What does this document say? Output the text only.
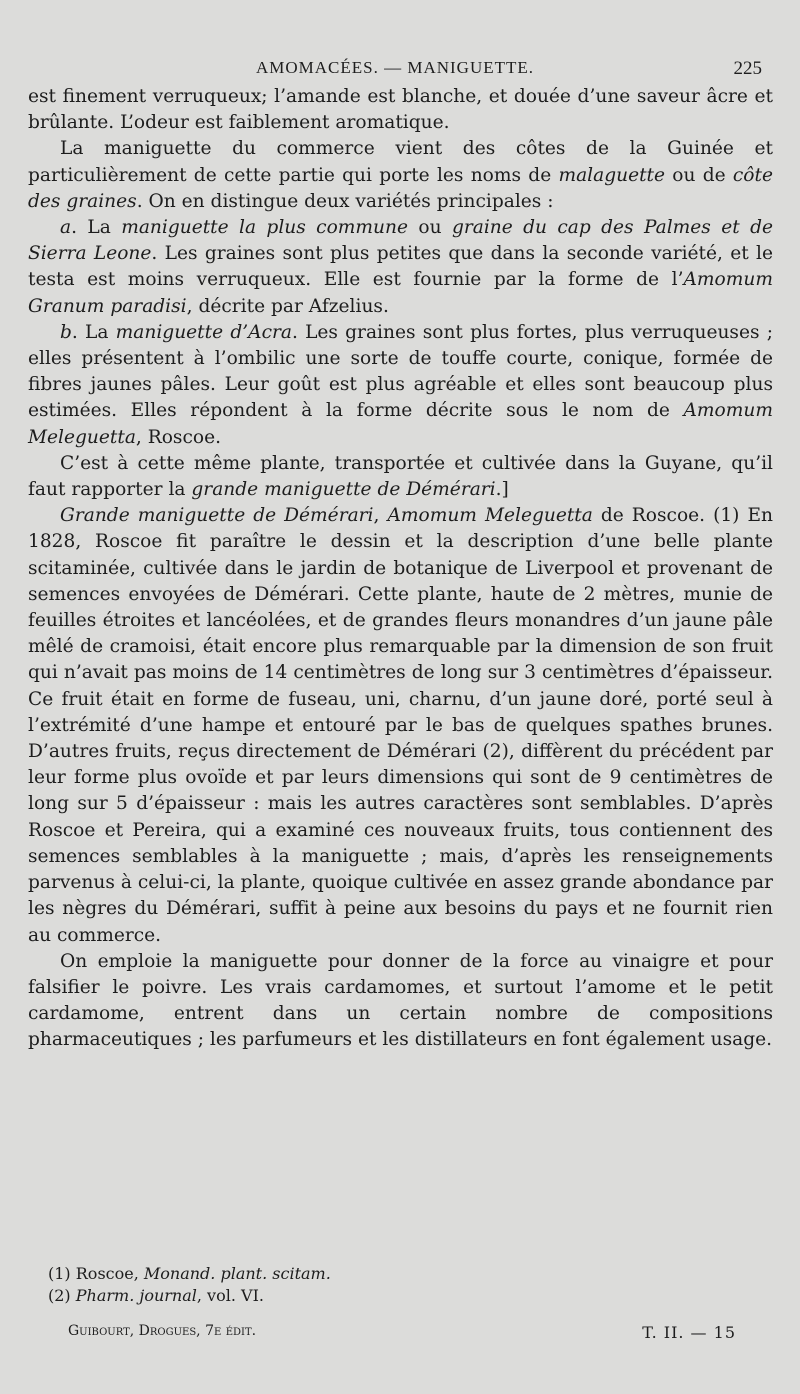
AMOMACÉES. — MANIGUETTE.	225

est finement verruqueux; l’amande est blanche, et douée d’une saveur âcre et brûlante. L’odeur est faiblement aromatique.

La maniguette du commerce vient des côtes de la Guinée et particulièrement de cette partie qui porte les noms de malaguette ou de côte des graines. On en distingue deux variétés principales :

a. La maniguette la plus commune ou graine du cap des Palmes et de Sierra Leone. Les graines sont plus petites que dans la seconde variété, et le testa est moins verruqueux. Elle est fournie par la forme de l’Amomum Granum paradisi, décrite par Afzelius.

b. La maniguette d’Acra. Les graines sont plus fortes, plus verruqueuses ; elles présentent à l’ombilic une sorte de touffe courte, conique, formée de fibres jaunes pâles. Leur goût est plus agréable et elles sont beaucoup plus estimées. Elles répondent à la forme décrite sous le nom de Amomum Meleguetta, Roscoe.

C’est à cette même plante, transportée et cultivée dans la Guyane, qu’il faut rapporter la grande maniguette de Démérari.]

Grande maniguette de Démérari, Amomum Meleguetta de Roscoe. (1) En 1828, Roscoe fit paraître le dessin et la description d’une belle plante scitaminée, cultivée dans le jardin de botanique de Liverpool et provenant de semences envoyées de Démérari. Cette plante, haute de 2 mètres, munie de feuilles étroites et lancéolées, et de grandes fleurs monandres d’un jaune pâle mêlé de cramoisi, était encore plus remarquable par la dimension de son fruit qui n’avait pas moins de 14 centimètres de long sur 3 centimètres d’épaisseur. Ce fruit était en forme de fuseau, uni, charnu, d’un jaune doré, porté seul à l’extrémité d’une hampe et entouré par le bas de quelques spathes brunes. D’autres fruits, reçus directement de Démérari (2), diffèrent du précédent par leur forme plus ovoïde et par leurs dimensions qui sont de 9 centimètres de long sur 5 d’épaisseur : mais les autres caractères sont semblables. D’après Roscoe et Pereira, qui a examiné ces nouveaux fruits, tous contiennent des semences semblables à la maniguette ; mais, d’après les renseignements parvenus à celui-ci, la plante, quoique cultivée en assez grande abondance par les nègres du Démérari, suffit à peine aux besoins du pays et ne fournit rien au commerce.

On emploie la maniguette pour donner de la force au vinaigre et pour falsifier le poivre. Les vrais cardamomes, et surtout l’amome et le petit cardamome, entrent dans un certain nombre de compositions pharmaceutiques ; les parfumeurs et les distillateurs en font également usage.

(1) Roscoe, Monand. plant. scitam.
(2) Pharm. journal, vol. VI.
Guibourt, Drogues, 7e édit.	T. II. — 15
